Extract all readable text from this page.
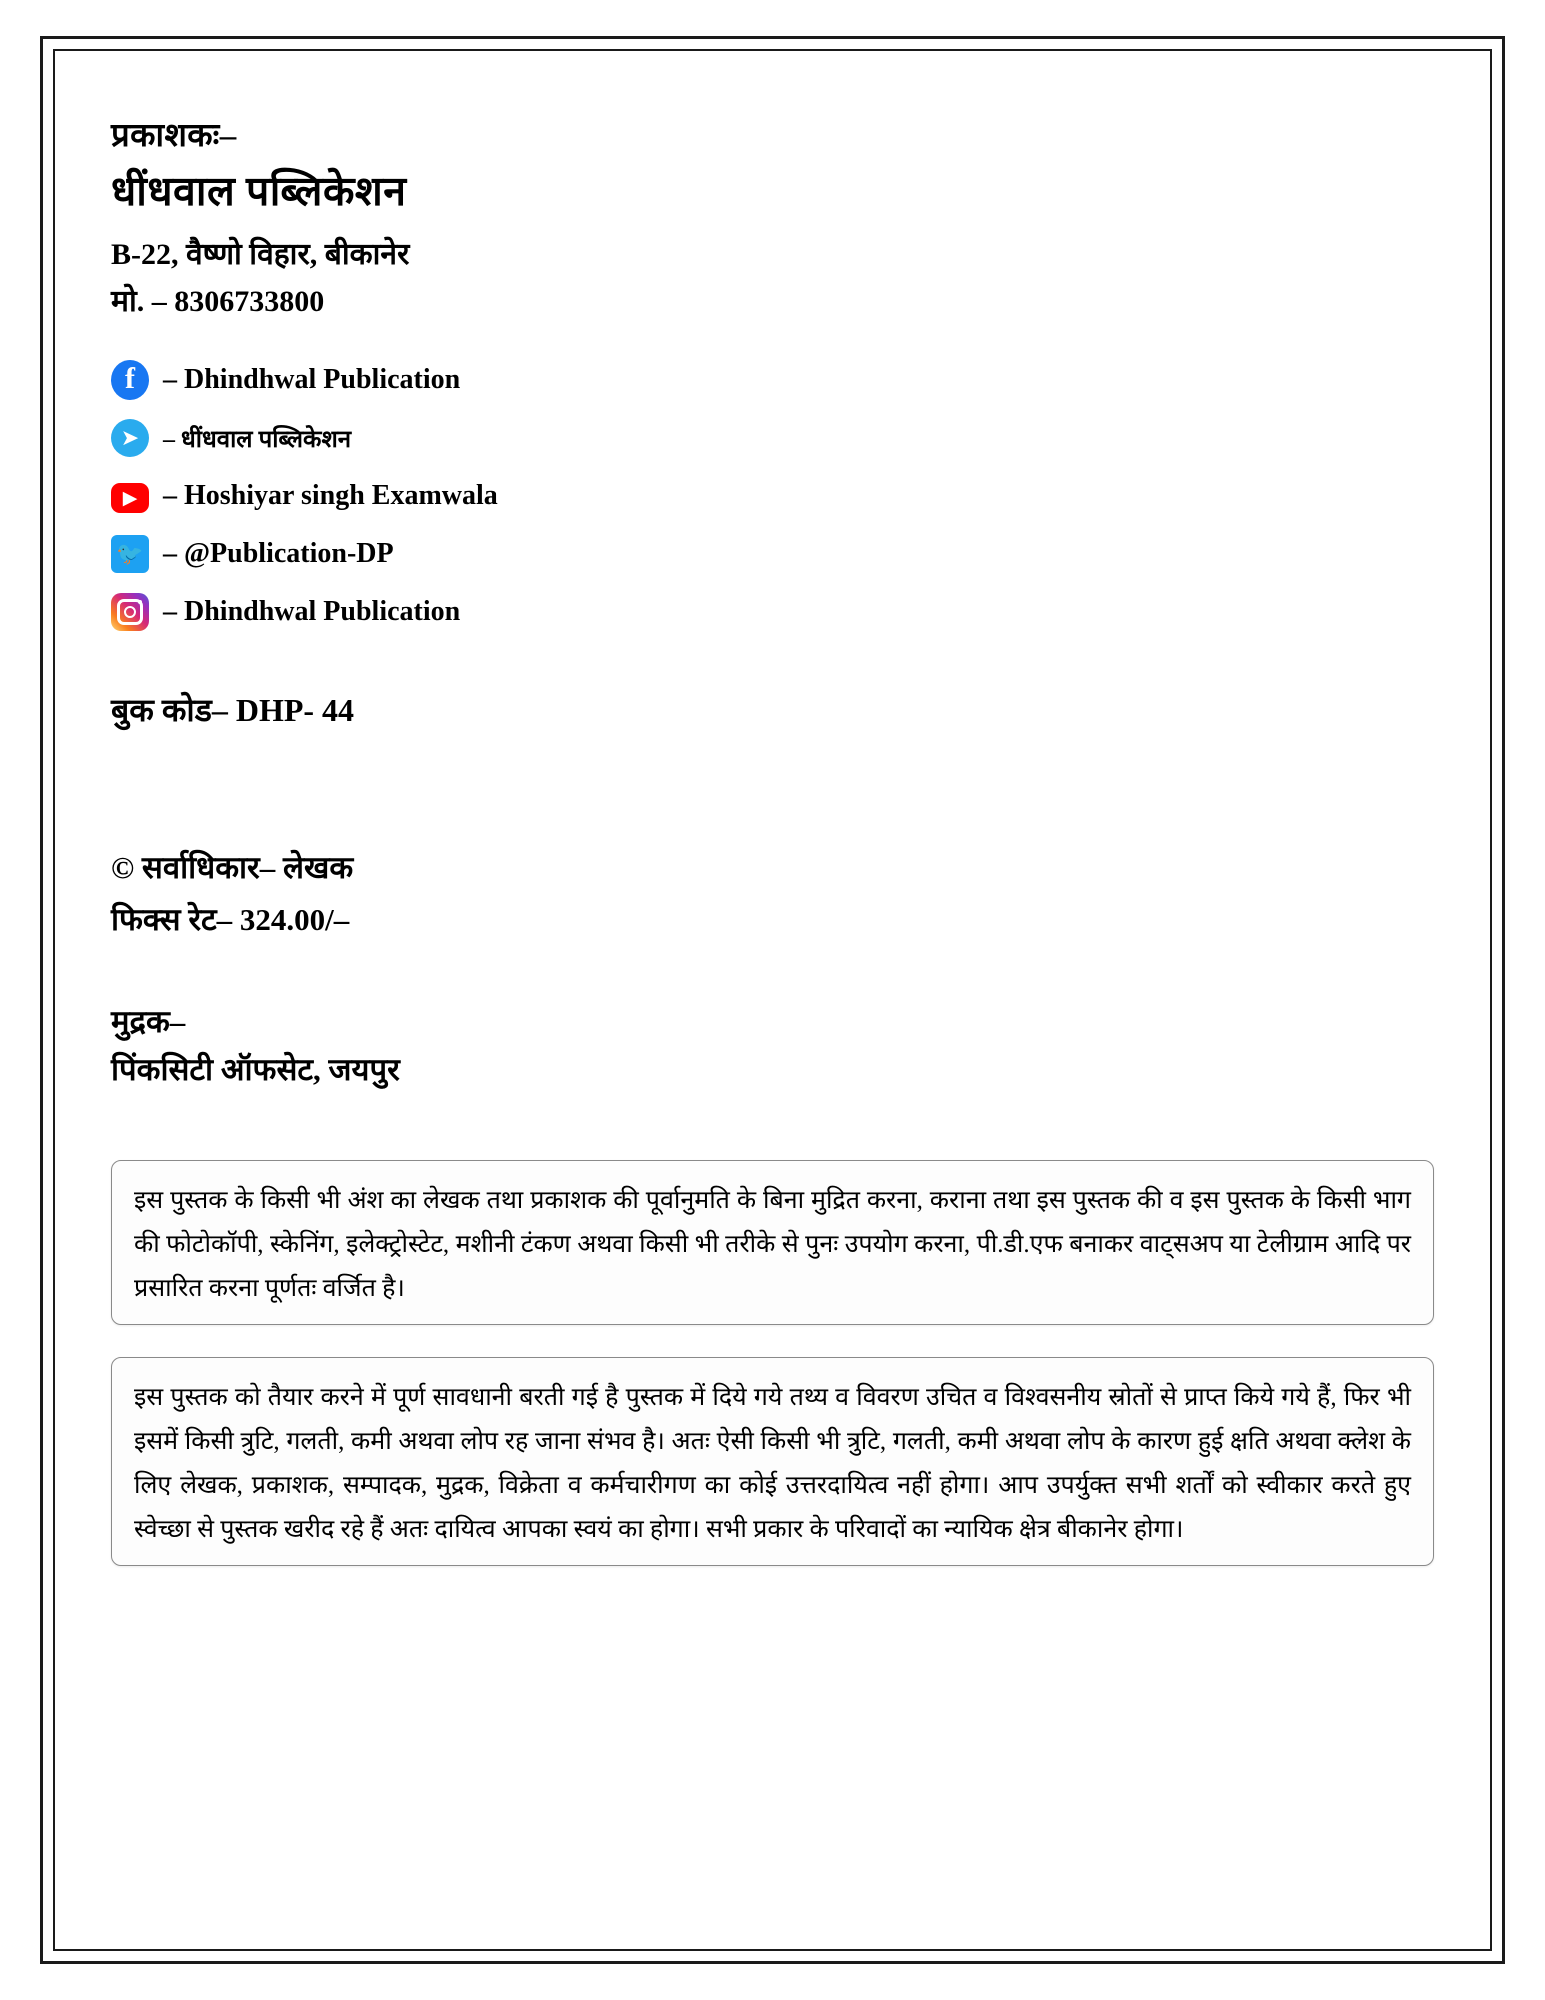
प्रकाशकः–
धींधवाल पब्लिकेशन
B-22, वैष्णो विहार, बीकानेर
मो. – 8306733800
f	– Dhindhwal Publication
➤ – धींधवाल पब्लिकेशन
▶ – Hoshiyar singh Examwala
🐦 – @Publication-DP
– Dhindhwal Publication
बुक कोड– DHP- 44
© सर्वाधिकार– लेखक
फिक्स रेट– 324.00/–
मुद्रक–
पिंकसिटी ऑफसेट, जयपुर

इस पुस्तक के किसी भी अंश का लेखक तथा प्रकाशक की पूर्वानुमति के बिना मुद्रित करना, कराना तथा इस पुस्तक की व इस पुस्तक के किसी भाग की फोटोकॉपी, स्केनिंग, इलेक्ट्रोस्टेट, मशीनी टंकण अथवा किसी भी तरीके से पुनः उपयोग करना, पी.डी.एफ बनाकर वाट्सअप या टेलीग्राम आदि पर प्रसारित करना पूर्णतः वर्जित है।

इस पुस्तक को तैयार करने में पूर्ण सावधानी बरती गई है पुस्तक में दिये गये तथ्य व विवरण उचित व विश्वसनीय स्रोतों से प्राप्त किये गये हैं, फिर भी इसमें किसी त्रुटि, गलती, कमी अथवा लोप रह जाना संभव है। अतः ऐसी किसी भी त्रुटि, गलती, कमी अथवा लोप के कारण हुई क्षति अथवा क्लेश के लिए लेखक, प्रकाशक, सम्पादक, मुद्रक, विक्रेता व कर्मचारीगण का कोई उत्तरदायित्व नहीं होगा। आप उपर्युक्त सभी शर्तों को स्वीकार करते हुए स्वेच्छा से पुस्तक खरीद रहे हैं अतः दायित्व आपका स्वयं का होगा। सभी प्रकार के परिवादों का न्यायिक क्षेत्र बीकानेर होगा।
